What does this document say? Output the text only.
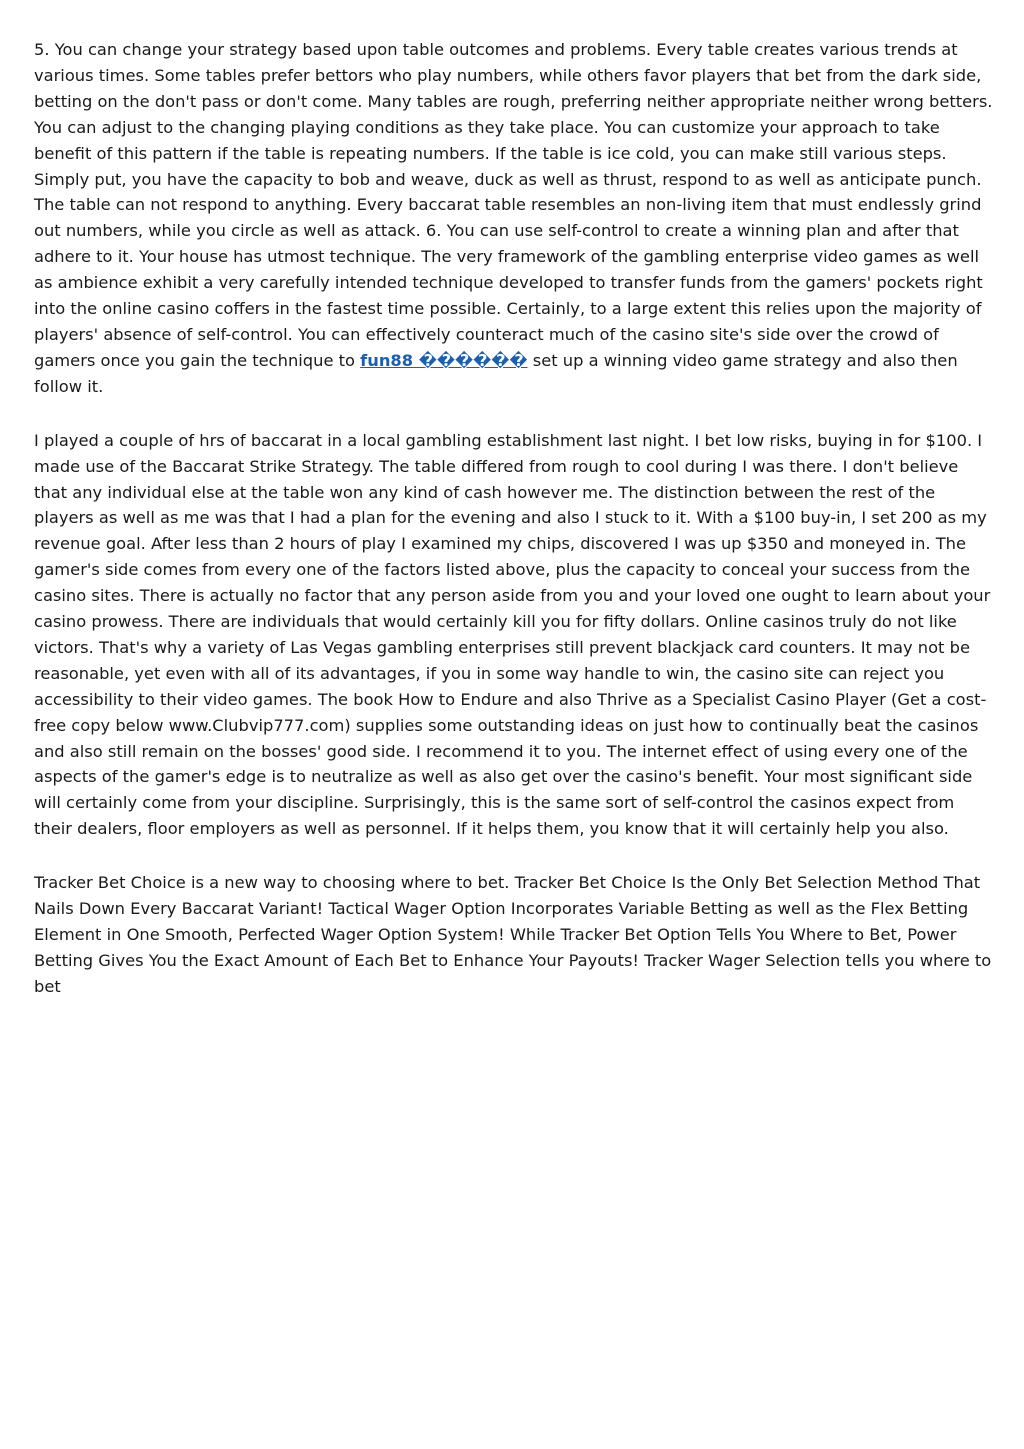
5. You can change your strategy based upon table outcomes and problems. Every table creates various trends at various times. Some tables prefer bettors who play numbers, while others favor players that bet from the dark side, betting on the don't pass or don't come. Many tables are rough, preferring neither appropriate neither wrong betters. You can adjust to the changing playing conditions as they take place. You can customize your approach to take benefit of this pattern if the table is repeating numbers. If the table is ice cold, you can make still various steps. Simply put, you have the capacity to bob and weave, duck as well as thrust, respond to as well as anticipate punch. The table can not respond to anything. Every baccarat table resembles an non-living item that must endlessly grind out numbers, while you circle as well as attack. 6. You can use self-control to create a winning plan and after that adhere to it. Your house has utmost technique. The very framework of the gambling enterprise video games as well as ambience exhibit a very carefully intended technique developed to transfer funds from the gamers' pockets right into the online casino coffers in the fastest time possible. Certainly, to a large extent this relies upon the majority of players' absence of self-control. You can effectively counteract much of the casino site's side over the crowd of gamers once you gain the technique to fun88 ������ set up a winning video game strategy and also then follow it.

I played a couple of hrs of baccarat in a local gambling establishment last night. I bet low risks, buying in for $100. I made use of the Baccarat Strike Strategy. The table differed from rough to cool during I was there. I don't believe that any individual else at the table won any kind of cash however me. The distinction between the rest of the players as well as me was that I had a plan for the evening and also I stuck to it. With a $100 buy-in, I set 200 as my revenue goal. After less than 2 hours of play I examined my chips, discovered I was up $350 and moneyed in. The gamer's side comes from every one of the factors listed above, plus the capacity to conceal your success from the casino sites. There is actually no factor that any person aside from you and your loved one ought to learn about your casino prowess. There are individuals that would certainly kill you for fifty dollars. Online casinos truly do not like victors. That's why a variety of Las Vegas gambling enterprises still prevent blackjack card counters. It may not be reasonable, yet even with all of its advantages, if you in some way handle to win, the casino site can reject you accessibility to their video games. The book How to Endure and also Thrive as a Specialist Casino Player (Get a cost-free copy below www.Clubvip777.com) supplies some outstanding ideas on just how to continually beat the casinos and also still remain on the bosses' good side. I recommend it to you. The internet effect of using every one of the aspects of the gamer's edge is to neutralize as well as also get over the casino's benefit. Your most significant side will certainly come from your discipline. Surprisingly, this is the same sort of self-control the casinos expect from their dealers, floor employers as well as personnel. If it helps them, you know that it will certainly help you also.

Tracker Bet Choice is a new way to choosing where to bet. Tracker Bet Choice Is the Only Bet Selection Method That Nails Down Every Baccarat Variant! Tactical Wager Option Incorporates Variable Betting as well as the Flex Betting Element in One Smooth, Perfected Wager Option System! While Tracker Bet Option Tells You Where to Bet, Power Betting Gives You the Exact Amount of Each Bet to Enhance Your Payouts! Tracker Wager Selection tells you where to bet
